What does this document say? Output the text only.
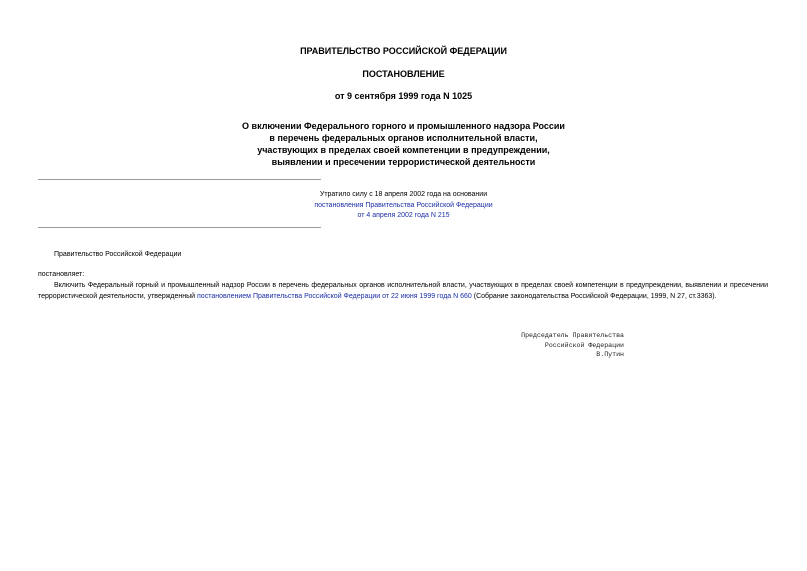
ПРАВИТЕЛЬСТВО РОССИЙСКОЙ ФЕДЕРАЦИИ
ПОСТАНОВЛЕНИЕ
от 9 сентября 1999 года N 1025
О включении Федерального горного и промышленного надзора России
в перечень федеральных органов исполнительной власти,
участвующих в пределах своей компетенции в предупреждении,
выявлении и пресечении террористической деятельности
Утратило силу с 18 апреля 2002 года на основании
постановления Правительства Российской Федерации
от 4 апреля 2002 года N 215
Правительство Российской Федерации
постановляет:

Включить Федеральный горный и промышленный надзор России в перечень федеральных органов исполнительной власти, участвующих в пределах своей компетенции в предупреждении, выявлении и пресечении террористической деятельности, утвержденный постановлением Правительства Российской Федерации от 22 июня 1999 года N 660 (Собрание законодательства Российской Федерации, 1999, N 27, ст.3363).

Председатель Правительства
Российской Федерации
В.Путин
